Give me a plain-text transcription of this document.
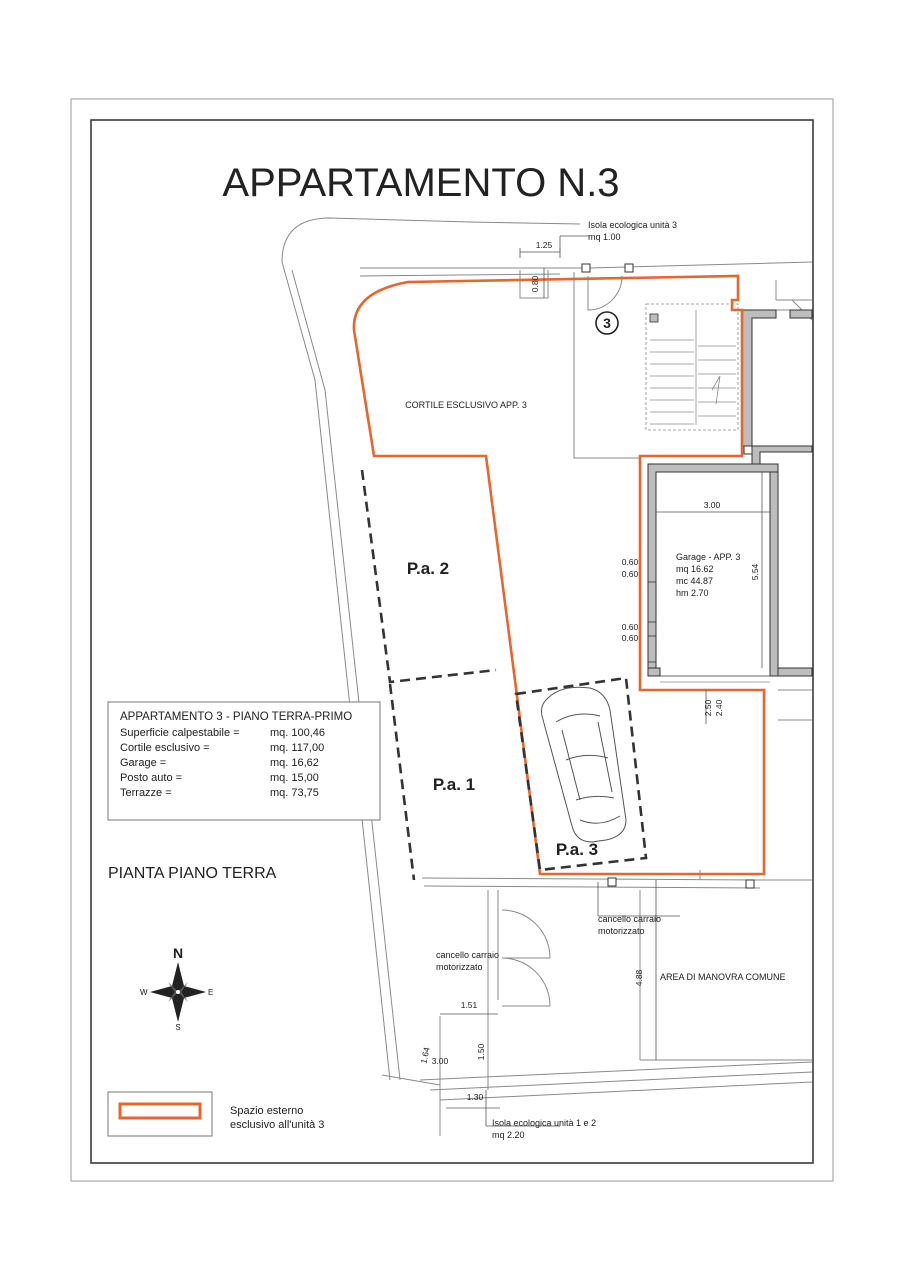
APPARTAMENTO N.3
3
Isola ecologica unità 3
mq 1.00
CORTILE ESCLUSIVO APP. 3
Garage - APP. 3
mq 16.62
mc 44.87
hm 2.70
P.a. 2
P.a. 1
P.a. 3
PIANTA PIANO TERRA
cancello carraio
motorizzato
cancello carraio
motorizzato
AREA DI MANOVRA COMUNE
Isola ecologica unità 1 e 2
mq 2.20
1.25
0.80
3.00
5.54
0.60
0.60
0.60
0.60
2.50 2.40
4.88
1.51
1.64 3.00
1.50
1.30
APPARTAMENTO 3 - PIANO TERRA-PRIMO
Superficie calpestabile =	mq. 100,46
Cortile esclusivo =	mq. 117,00
Garage =	mq. 16,62
Posto auto =	mq. 15,00
Terrazze =	mq. 73,75
N
S
E
W
Spazio esterno
esclusivo all'unità 3
